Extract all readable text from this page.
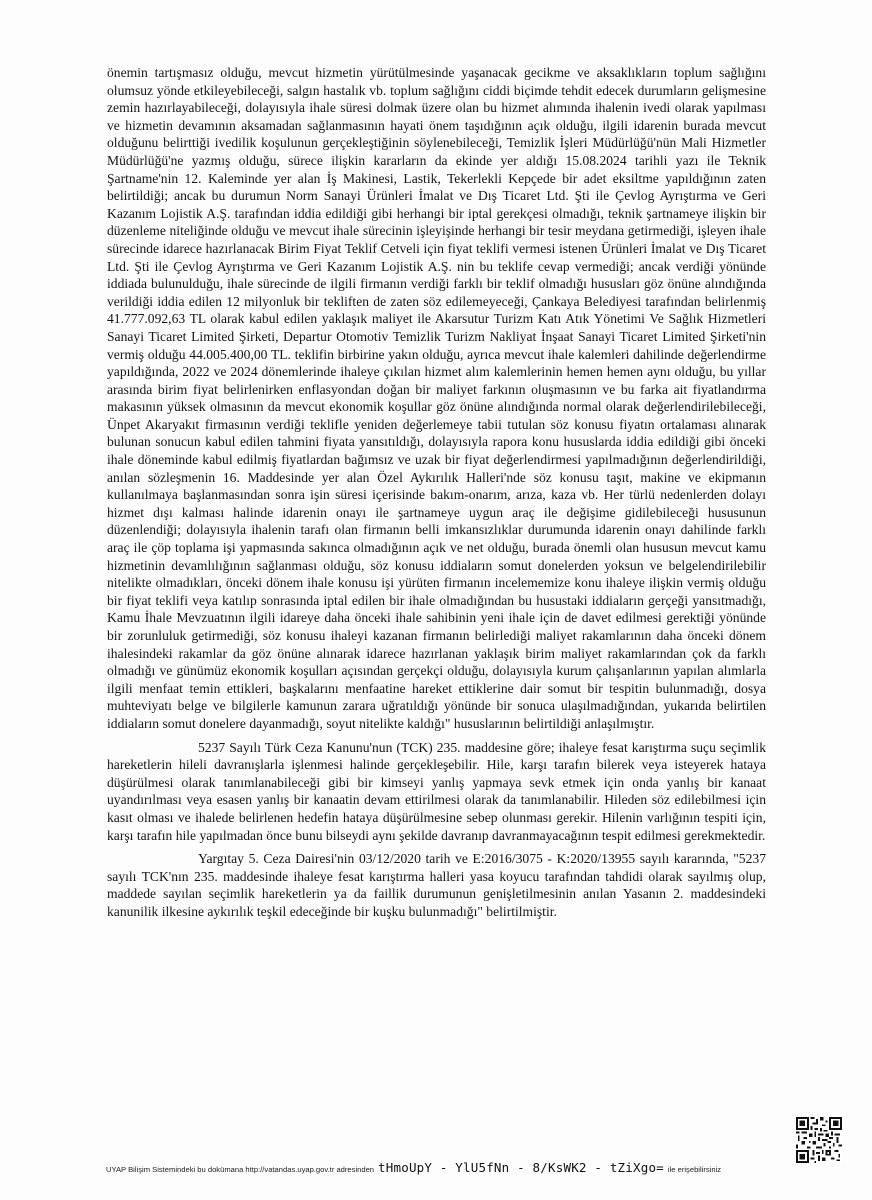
önemin tartışmasız olduğu, mevcut hizmetin yürütülmesinde yaşanacak gecikme ve aksaklıkların toplum sağlığını olumsuz yönde etkileyebileceği, salgın hastalık vb. toplum sağlığını ciddi biçimde tehdit edecek durumların gelişmesine zemin hazırlayabileceği, dolayısıyla ihale süresi dolmak üzere olan bu hizmet alımında ihalenin ivedi olarak yapılması ve hizmetin devamının aksamadan sağlanmasının hayati önem taşıdığının açık olduğu, ilgili idarenin burada mevcut olduğunu belirttiği ivedilik koşulunun gerçekleştiğinin söylenebileceği, Temizlik İşleri Müdürlüğü'nün Mali Hizmetler Müdürlüğü'ne yazmış olduğu, sürece ilişkin kararların da ekinde yer aldığı 15.08.2024 tarihli yazı ile Teknik Şartname'nin 12. Kaleminde yer alan İş Makinesi, Lastik, Tekerlekli Kepçede bir adet eksiltme yapıldığının zaten belirtildiği; ancak bu durumun Norm Sanayi Ürünleri İmalat ve Dış Ticaret Ltd. Şti ile Çevlog Ayrıştırma ve Geri Kazanım Lojistik A.Ş. tarafından iddia edildiği gibi herhangi bir iptal gerekçesi olmadığı, teknik şartnameye ilişkin bir düzenleme niteliğinde olduğu ve mevcut ihale sürecinin işleyişinde herhangi bir tesir meydana getirmediği, işleyen ihale sürecinde idarece hazırlanacak Birim Fiyat Teklif Cetveli için fiyat teklifi vermesi istenen Ürünleri İmalat ve Dış Ticaret Ltd. Şti ile Çevlog Ayrıştırma ve Geri Kazanım Lojistik A.Ş. nin bu teklife cevap vermediği; ancak verdiği yönünde iddiada bulunulduğu, ihale sürecinde de ilgili firmanın verdiği farklı bir teklif olmadığı hususları göz önüne alındığında verildiği iddia edilen 12 milyonluk bir tekliften de zaten söz edilemeyeceği, Çankaya Belediyesi tarafından belirlenmiş 41.777.092,63 TL olarak kabul edilen yaklaşık maliyet ile Akarsutur Turizm Katı Atık Yönetimi Ve Sağlık Hizmetleri Sanayi Ticaret Limited Şirketi, Departur Otomotiv Temizlik Turizm Nakliyat İnşaat Sanayi Ticaret Limited Şirketi'nin vermiş olduğu 44.005.400,00 TL. teklifin birbirine yakın olduğu, ayrıca mevcut ihale kalemleri dahilinde değerlendirme yapıldığında, 2022 ve 2024 dönemlerinde ihaleye çıkılan hizmet alım kalemlerinin hemen hemen aynı olduğu, bu yıllar arasında birim fiyat belirlenirken enflasyondan doğan bir maliyet farkının oluşmasının ve bu farka ait fiyatlandırma makasının yüksek olmasının da mevcut ekonomik koşullar göz önüne alındığında normal olarak değerlendirilebileceği, Ünpet Akaryakıt firmasının verdiği teklifle yeniden değerlemeye tabii tutulan söz konusu fiyatın ortalaması alınarak bulunan sonucun kabul edilen tahmini fiyata yansıtıldığı, dolayısıyla rapora konu hususlarda iddia edildiği gibi önceki ihale döneminde kabul edilmiş fiyatlardan bağımsız ve uzak bir fiyat değerlendirmesi yapılmadığının değerlendirildiği, anılan sözleşmenin 16. Maddesinde yer alan Özel Aykırılık Halleri'nde söz konusu taşıt, makine ve ekipmanın kullanılmaya başlanmasından sonra işin süresi içerisinde bakım-onarım, arıza, kaza vb. Her türlü nedenlerden dolayı hizmet dışı kalması halinde idarenin onayı ile şartnameye uygun araç ile değişime gidilebileceği hususunun düzenlendiği; dolayısıyla ihalenin tarafı olan firmanın belli imkansızlıklar durumunda idarenin onayı dahilinde farklı araç ile çöp toplama işi yapmasında sakınca olmadığının açık ve net olduğu, burada önemli olan hususun mevcut kamu hizmetinin devamlılığının sağlanması olduğu, söz konusu iddiaların somut donelerden yoksun ve belgelendirilebilir nitelikte olmadıkları, önceki dönem ihale konusu işi yürüten firmanın incelememize konu ihaleye ilişkin vermiş olduğu bir fiyat teklifi veya katılıp sonrasında iptal edilen bir ihale olmadığından bu husustaki iddiaların gerçeği yansıtmadığı, Kamu İhale Mevzuatının ilgili idareye daha önceki ihale sahibinin yeni ihale için de davet edilmesi gerektiği yönünde bir zorunluluk getirmediği, söz konusu ihaleyi kazanan firmanın belirlediği maliyet rakamlarının daha önceki dönem ihalesindeki rakamlar da göz önüne alınarak idarece hazırlanan yaklaşık birim maliyet rakamlarından çok da farklı olmadığı ve günümüz ekonomik koşulları açısından gerçekçi olduğu, dolayısıyla kurum çalışanlarının yapılan alımlarla ilgili menfaat temin ettikleri, başkalarını menfaatine hareket ettiklerine dair somut bir tespitin bulunmadığı, dosya muhteviyatı belge ve bilgilerle kamunun zarara uğratıldığı yönünde bir sonuca ulaşılmadığından, yukarıda belirtilen iddiaların somut donelere dayanmadığı, soyut nitelikte kaldığı" hususlarının belirtildiği anlaşılmıştır.

5237 Sayılı Türk Ceza Kanunu'nun (TCK) 235. maddesine göre; ihaleye fesat karıştırma suçu seçimlik hareketlerin hileli davranışlarla işlenmesi halinde gerçekleşebilir. Hile, karşı tarafın bilerek veya isteyerek hataya düşürülmesi olarak tanımlanabileceği gibi bir kimseyi yanlış yapmaya sevk etmek için onda yanlış bir kanaat uyandırılması veya esasen yanlış bir kanaatin devam ettirilmesi olarak da tanımlanabilir. Hileden söz edilebilmesi için kasıt olması ve ihalede belirlenen hedefin hataya düşürülmesine sebep olunması gerekir. Hilenin varlığının tespiti için, karşı tarafın hile yapılmadan önce bunu bilseydi aynı şekilde davranıp davranmayacağının tespit edilmesi gerekmektedir.

Yargıtay 5. Ceza Dairesi'nin 03/12/2020 tarih ve E:2016/3075 - K:2020/13955 sayılı kararında, "5237 sayılı TCK'nın 235. maddesinde ihaleye fesat karıştırma halleri yasa koyucu tarafından tahdidi olarak sayılmış olup, maddede sayılan seçimlik hareketlerin ya da faillik durumunun genişletilmesinin anılan Yasanın 2. maddesindeki kanunilik ilkesine aykırılık teşkil edeceğinde bir kuşku bulunmadığı" belirtilmiştir.

UYAP Bilişim Sistemindeki bu dokümana http://vatandas.uyap.gov.tr adresinden tHmoUpY - YlU5fNn - 8/KsWK2 - tZiXgo= ile erişebilirsiniz
